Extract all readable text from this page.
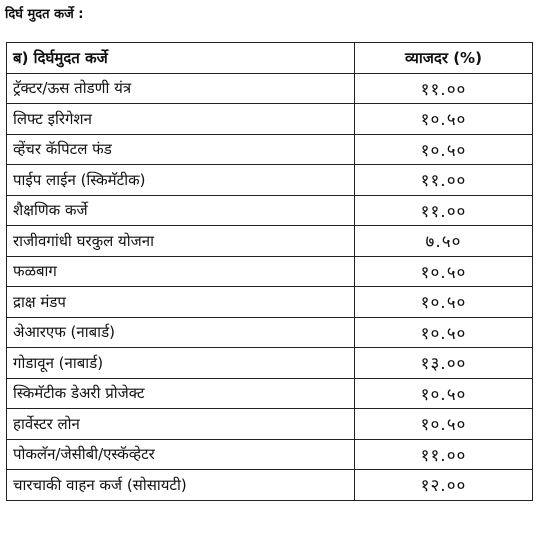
दिर्घ मुदत कर्जे :
ब) दिर्घमुदत कर्जे	व्याजदर (%)
ट्रॅक्टर/ऊस तोडणी यंत्र	११.००
लिफ्ट इरिगेशन	१०.५०
व्हेंचर कॅपिटल फंड	१०.५०
पाईप लाईन (स्किमॅटीक)	११.००
शैक्षणिक कर्जे	११.००
राजीवगांधी घरकुल योजना	७.५०
फळबाग	१०.५०
द्राक्ष मंडप	१०.५०
अेआरएफ (नाबार्ड)	१०.५०
गोडावून (नाबार्ड)	१३.००
स्किमॅटीक डेअरी प्रोजेक्ट	१०.५०
हार्वेस्टर लोन	१०.५०
पोकलॅन/जेसीबी/एस्कॅव्हेटर	११.००
चारचाकी वाहन कर्ज (सोसायटी)	१२.००
